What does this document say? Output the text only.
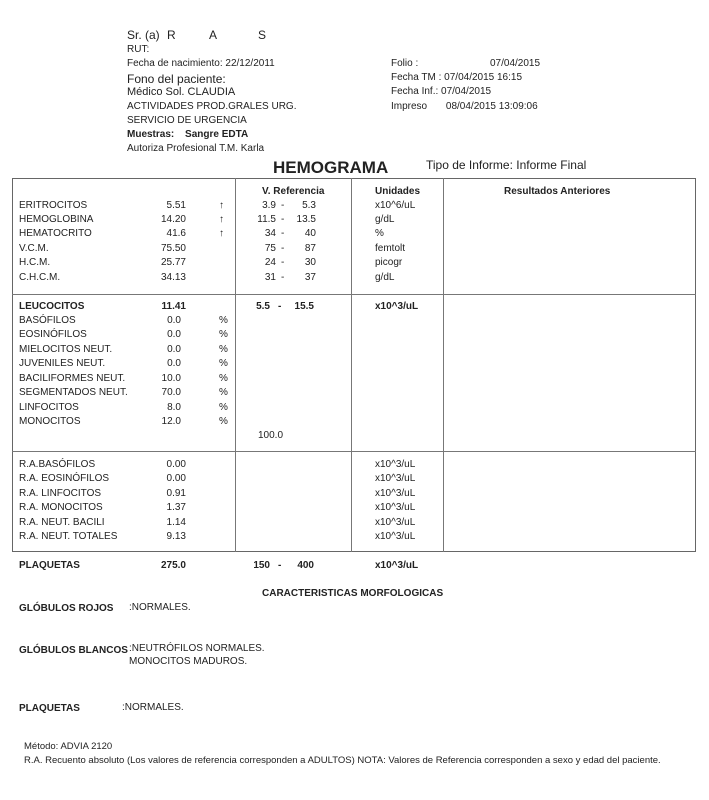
Sr. (a) R	A	S
RUT:
Fecha de nacimiento: 22/12/2011
Fono del paciente:
Médico Sol. CLAUDIA
ACTIVIDADES PROD.GRALES URG.
SERVICIO DE URGENCIA
Muestras: Sangre EDTA
Autoriza Profesional T.M. Karla
Folio :	07/04/2015
Fecha TM : 07/04/2015 16:15
Fecha Inf.: 07/04/2015
Impreso 08/04/2015 13:09:06
HEMOGRAMA	Tipo de Informe: Informe Final
V. Referencia	Unidades	Resultados Anteriores
ERITROCITOS	5.51	↑	3.9 -	5.3	x10^6/uL
HEMOGLOBINA	14.20	↑	11.5 -	13.5	g/dL
HEMATOCRITO	41.6	↑	34 -	40	%
V.C.M.	75.50	75 -	87	femtolt
H.C.M.	25.77	24 -	30	picogr
C.H.C.M.	34.13	31 -	37	g/dL
LEUCOCITOS	11.41	5.5 -	15.5	x10^3/uL
BASÓFILOS	0.0	%
EOSINÓFILOS	0.0	%
MIELOCITOS NEUT.	0.0	%
JUVENILES NEUT.	0.0	%
BACILIFORMES NEUT.	10.0	%
SEGMENTADOS NEUT.	70.0	%
LINFOCITOS	8.0	%
MONOCITOS	12.0	%
100.0
R.A.BASÓFILOS	0.00	x10^3/uL
R.A. EOSINÓFILOS	0.00	x10^3/uL
R.A. LINFOCITOS	0.91	x10^3/uL
R.A. MONOCITOS	1.37	x10^3/uL
R.A. NEUT. BACILI	1.14	x10^3/uL
R.A. NEUT. TOTALES	9.13	x10^3/uL
PLAQUETAS	275.0	150 -	400	x10^3/uL
CARACTERISTICAS MORFOLOGICAS
GLÓBULOS ROJOS :NORMALES.
GLÓBULOS BLANCOS :NEUTRÓFILOS NORMALES.
MONOCITOS MADUROS.
PLAQUETAS	:NORMALES.
Método: ADVIA 2120
R.A. Recuento absoluto (Los valores de referencia corresponden a ADULTOS) NOTA: Valores de Referencia corresponden a sexo y edad del paciente.
